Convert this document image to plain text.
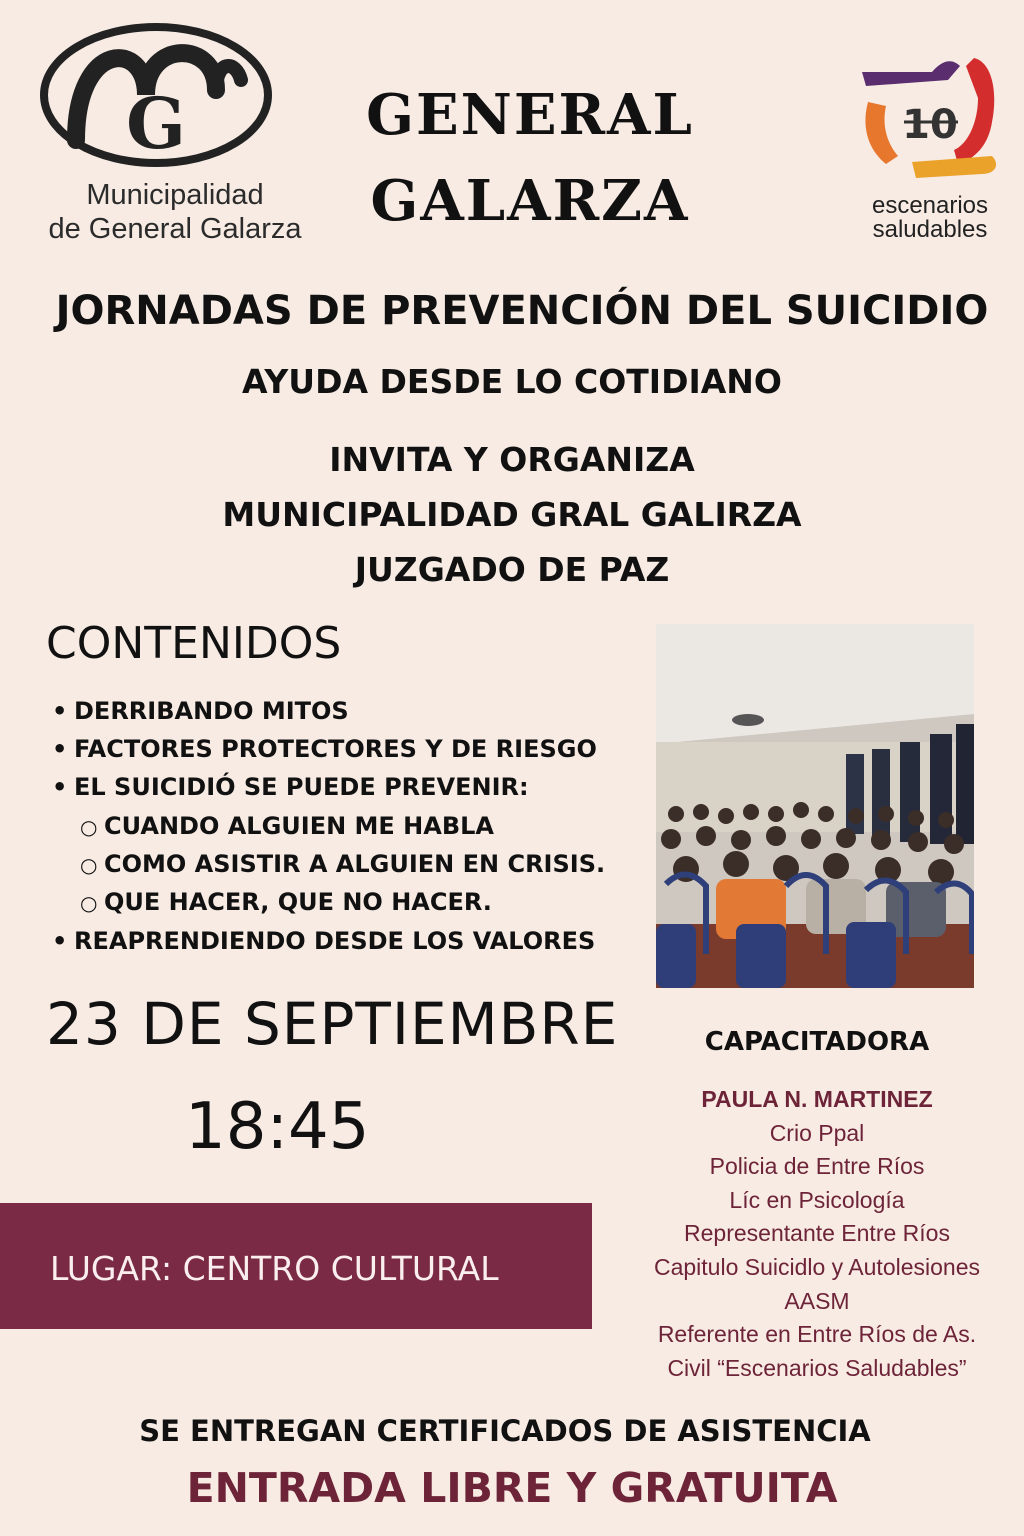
G
Municipalidad
de General Galarza
GENERAL
GALARZA
10
escenarios
saludables
JORNADAS DE PREVENCIÓN DEL SUICIDIO
AYUDA DESDE LO COTIDIANO
INVITA Y ORGANIZA
MUNICIPALIDAD GRAL GALIRZA
JUZGADO DE PAZ
CONTENIDOS
• DERRIBANDO MITOS
• FACTORES PROTECTORES Y DE RIESGO
• EL SUICIDIÓ SE PUEDE PREVENIR:
○ CUANDO ALGUIEN ME HABLA
○ COMO ASISTIR A ALGUIEN EN CRISIS.
○ QUE HACER, QUE NO HACER.
• REAPRENDIENDO DESDE LOS VALORES
23 DE SEPTIEMBRE
18:45
LUGAR: CENTRO CULTURAL
CAPACITADORA
PAULA N. MARTINEZ
Crio Ppal
Policia de Entre Ríos
Líc en Psicología
Representante Entre Ríos
Capitulo Suicidlo y Autolesiones
AASM
Referente en Entre Ríos de As.
Civil “Escenarios Saludables”
SE ENTREGAN CERTIFICADOS DE ASISTENCIA
ENTRADA LIBRE Y GRATUITA
